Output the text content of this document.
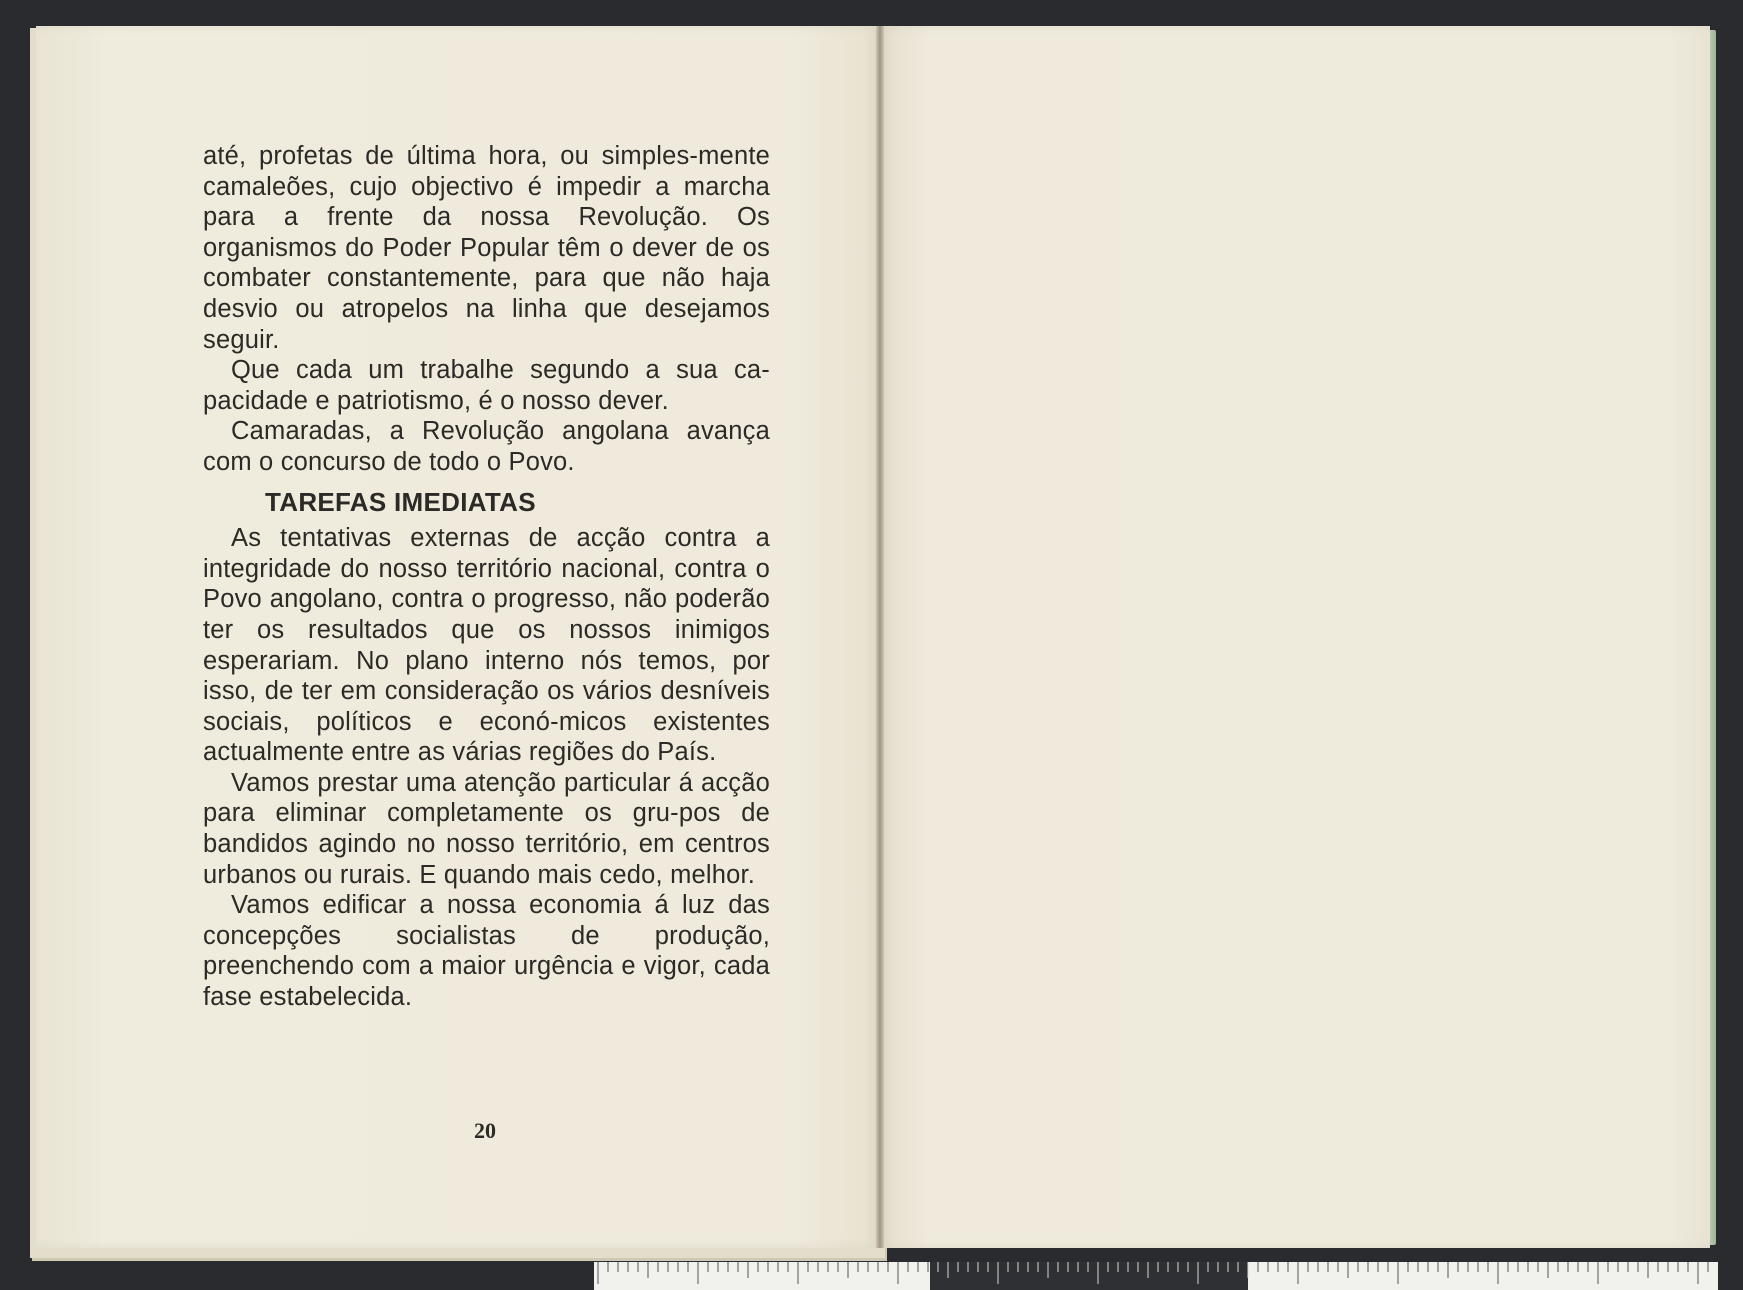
até, profetas de última hora, ou simples-mente camaleões, cujo objectivo é impedir a marcha para a frente da nossa Revolução. Os organismos do Poder Popular têm o dever de os combater constantemente, para que não haja desvio ou atropelos na linha que desejamos seguir.

Que cada um trabalhe segundo a sua ca-pacidade e patriotismo, é o nosso dever.

Camaradas, a Revolução angolana avança com o concurso de todo o Povo.

TAREFAS IMEDIATAS

As tentativas externas de acção contra a integridade do nosso território nacional, contra o Povo angolano, contra o progresso, não poderão ter os resultados que os nossos inimigos esperariam. No plano interno nós temos, por isso, de ter em consideração os vários desníveis sociais, políticos e econó-micos existentes actualmente entre as várias regiões do País.

Vamos prestar uma atenção particular á acção para eliminar completamente os gru-pos de bandidos agindo no nosso território, em centros urbanos ou rurais. E quando mais cedo, melhor.

Vamos edificar a nossa economia á luz das concepções socialistas de produção, preenchendo com a maior urgência e vigor, cada fase estabelecida.

20
